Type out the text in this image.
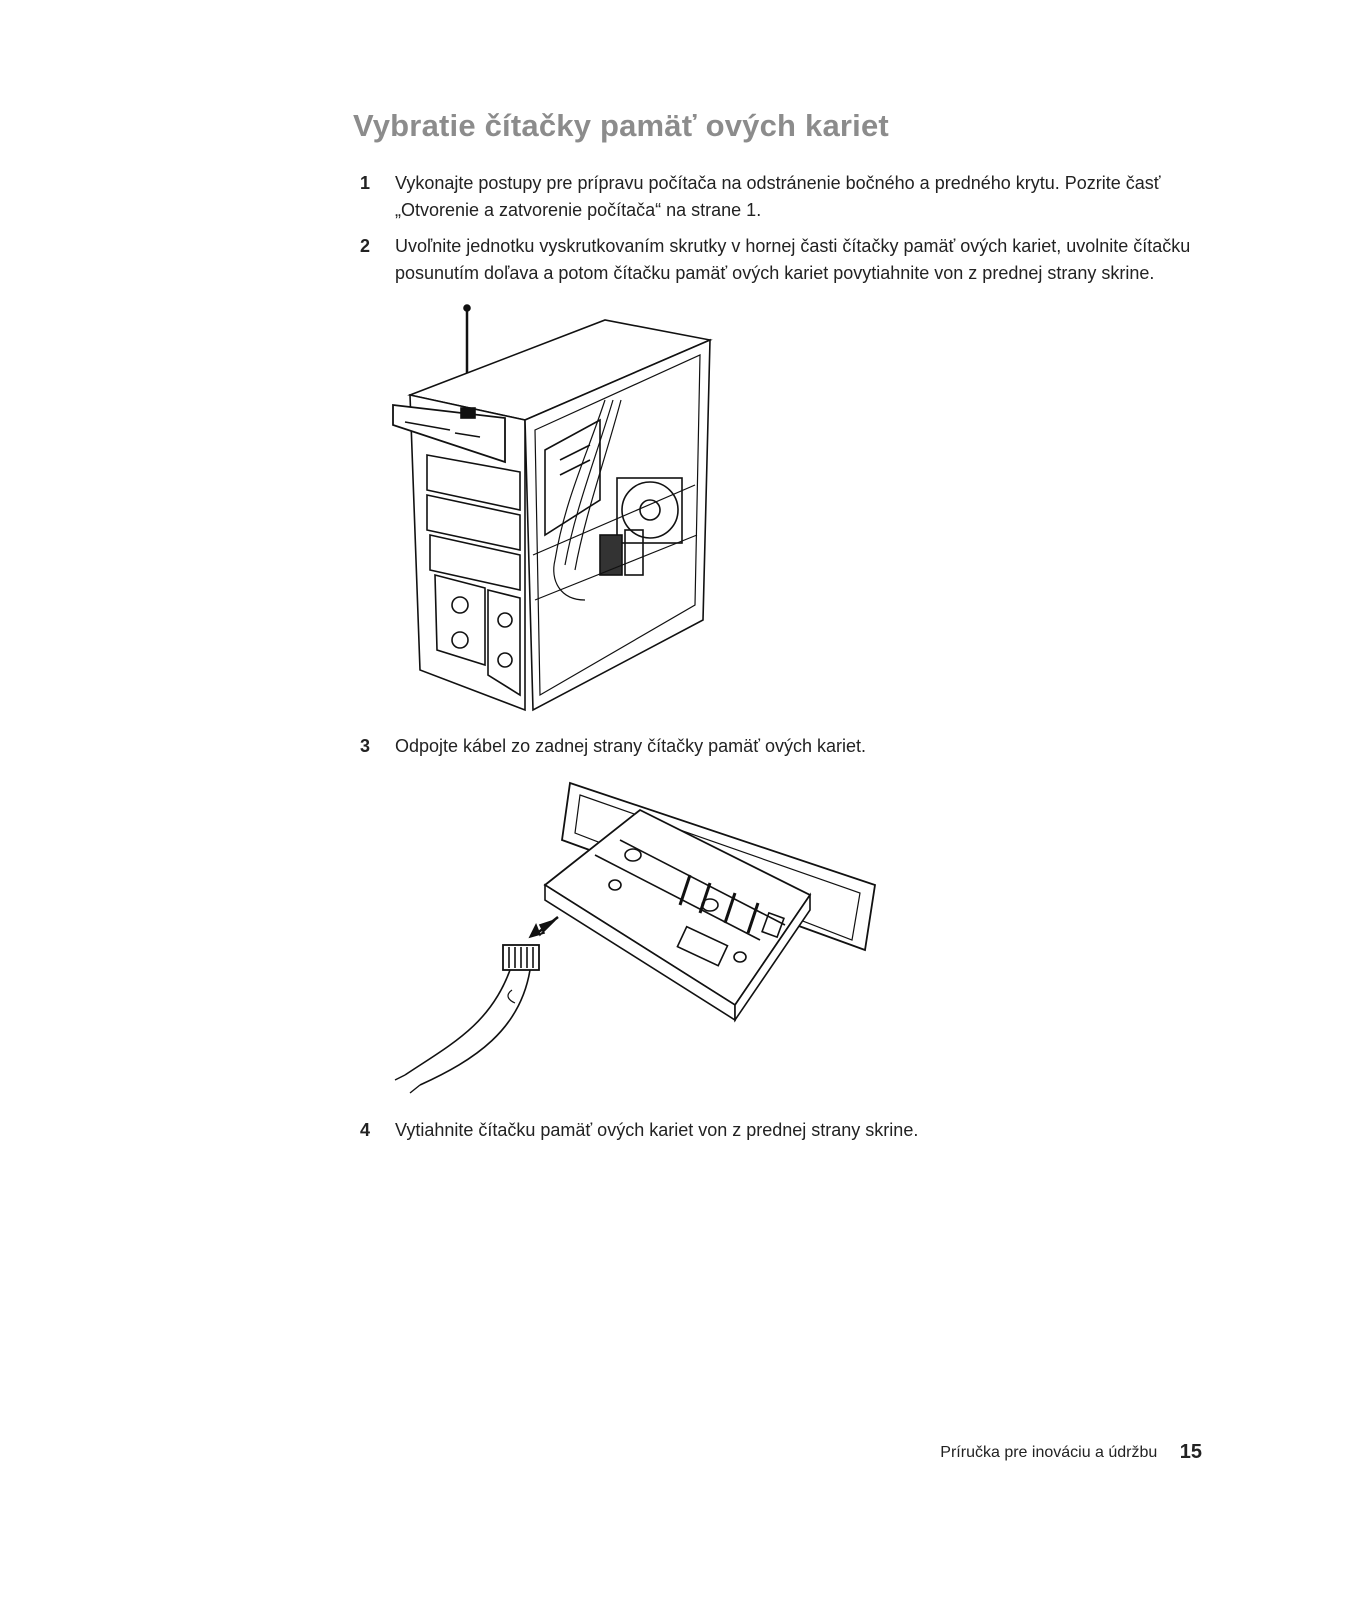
Vybratie čítačky pamäť ových kariet
1	Vykonajte postupy pre prípravu počítača na odstránenie bočného a predného krytu. Pozrite časť „Otvorenie a zatvorenie počítača“ na strane 1.
2	Uvoľnite jednotku vyskrutkovaním skrutky v hornej časti čítačky pamäť ových kariet, uvolnite čítačku posunutím doľava a potom čítačku pamäť ových kariet povytiahnite von z prednej strany skrine.
3	Odpojte kábel zo zadnej strany čítačky pamäť ových kariet.
4	Vytiahnite čítačku pamäť ových kariet von z prednej strany skrine.
Príručka pre inováciu a údržbu 15
